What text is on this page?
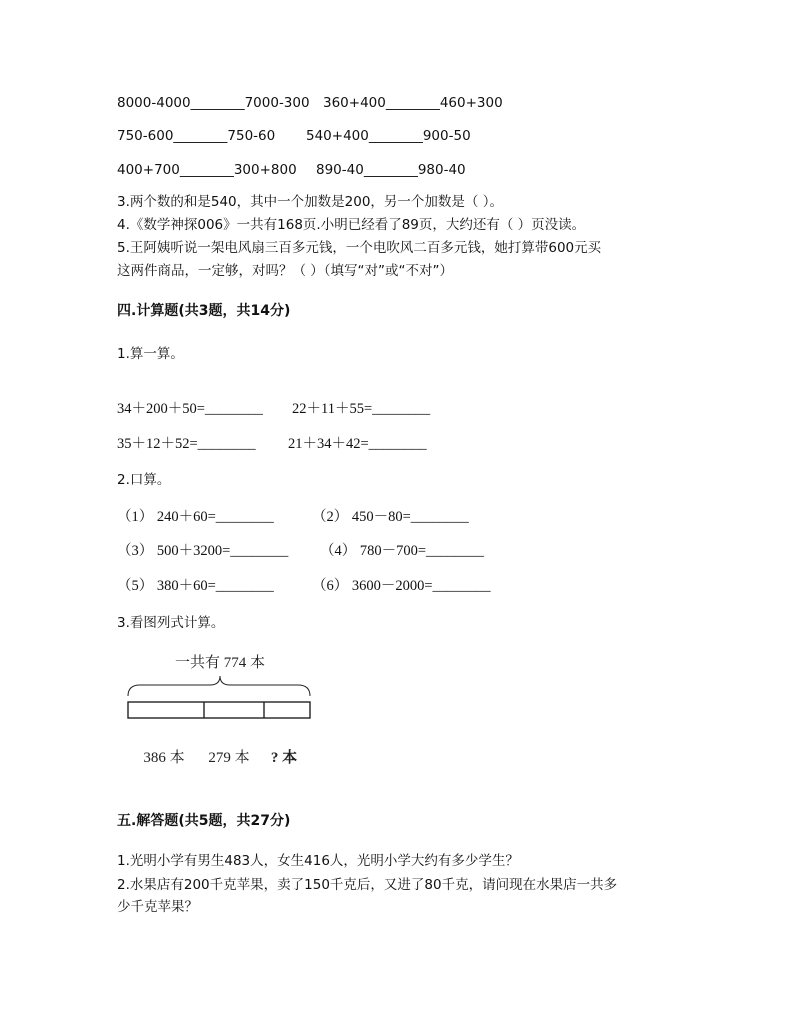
8000-4000________7000-300 360+400________460+300
750-600________750-60 540+400________900-50
400+700________300+800 890-40________980-40
3.两个数的和是540，其中一个加数是200，另一个加数是（ ）。
4.《数学神探006》一共有168页.小明已经看了89页，大约还有（ ）页没读。
5.王阿姨听说一架电风扇三百多元钱，一个电吹风二百多元钱，她打算带600元买
这两件商品，一定够，对吗？（ ）（填写“对”或“不对”）
四.计算题(共3题，共14分)
1.算一算。
34＋200＋50=________ 22＋11＋55=________
35＋12＋52=________ 21＋34＋42=________
2.口算。
（1） 240＋60=________	（2） 450－80=________
（3） 500＋3200=________ （4） 780－700=________
（5） 380＋60=________	（6） 3600－2000=________
3.看图列式计算。
一共有 774 本
386 本 279 本 ? 本
五.解答题(共5题，共27分)
1.光明小学有男生483人，女生416人，光明小学大约有多少学生？
2.水果店有200千克苹果，卖了150千克后，又进了80千克，请问现在水果店一共多
少千克苹果？
